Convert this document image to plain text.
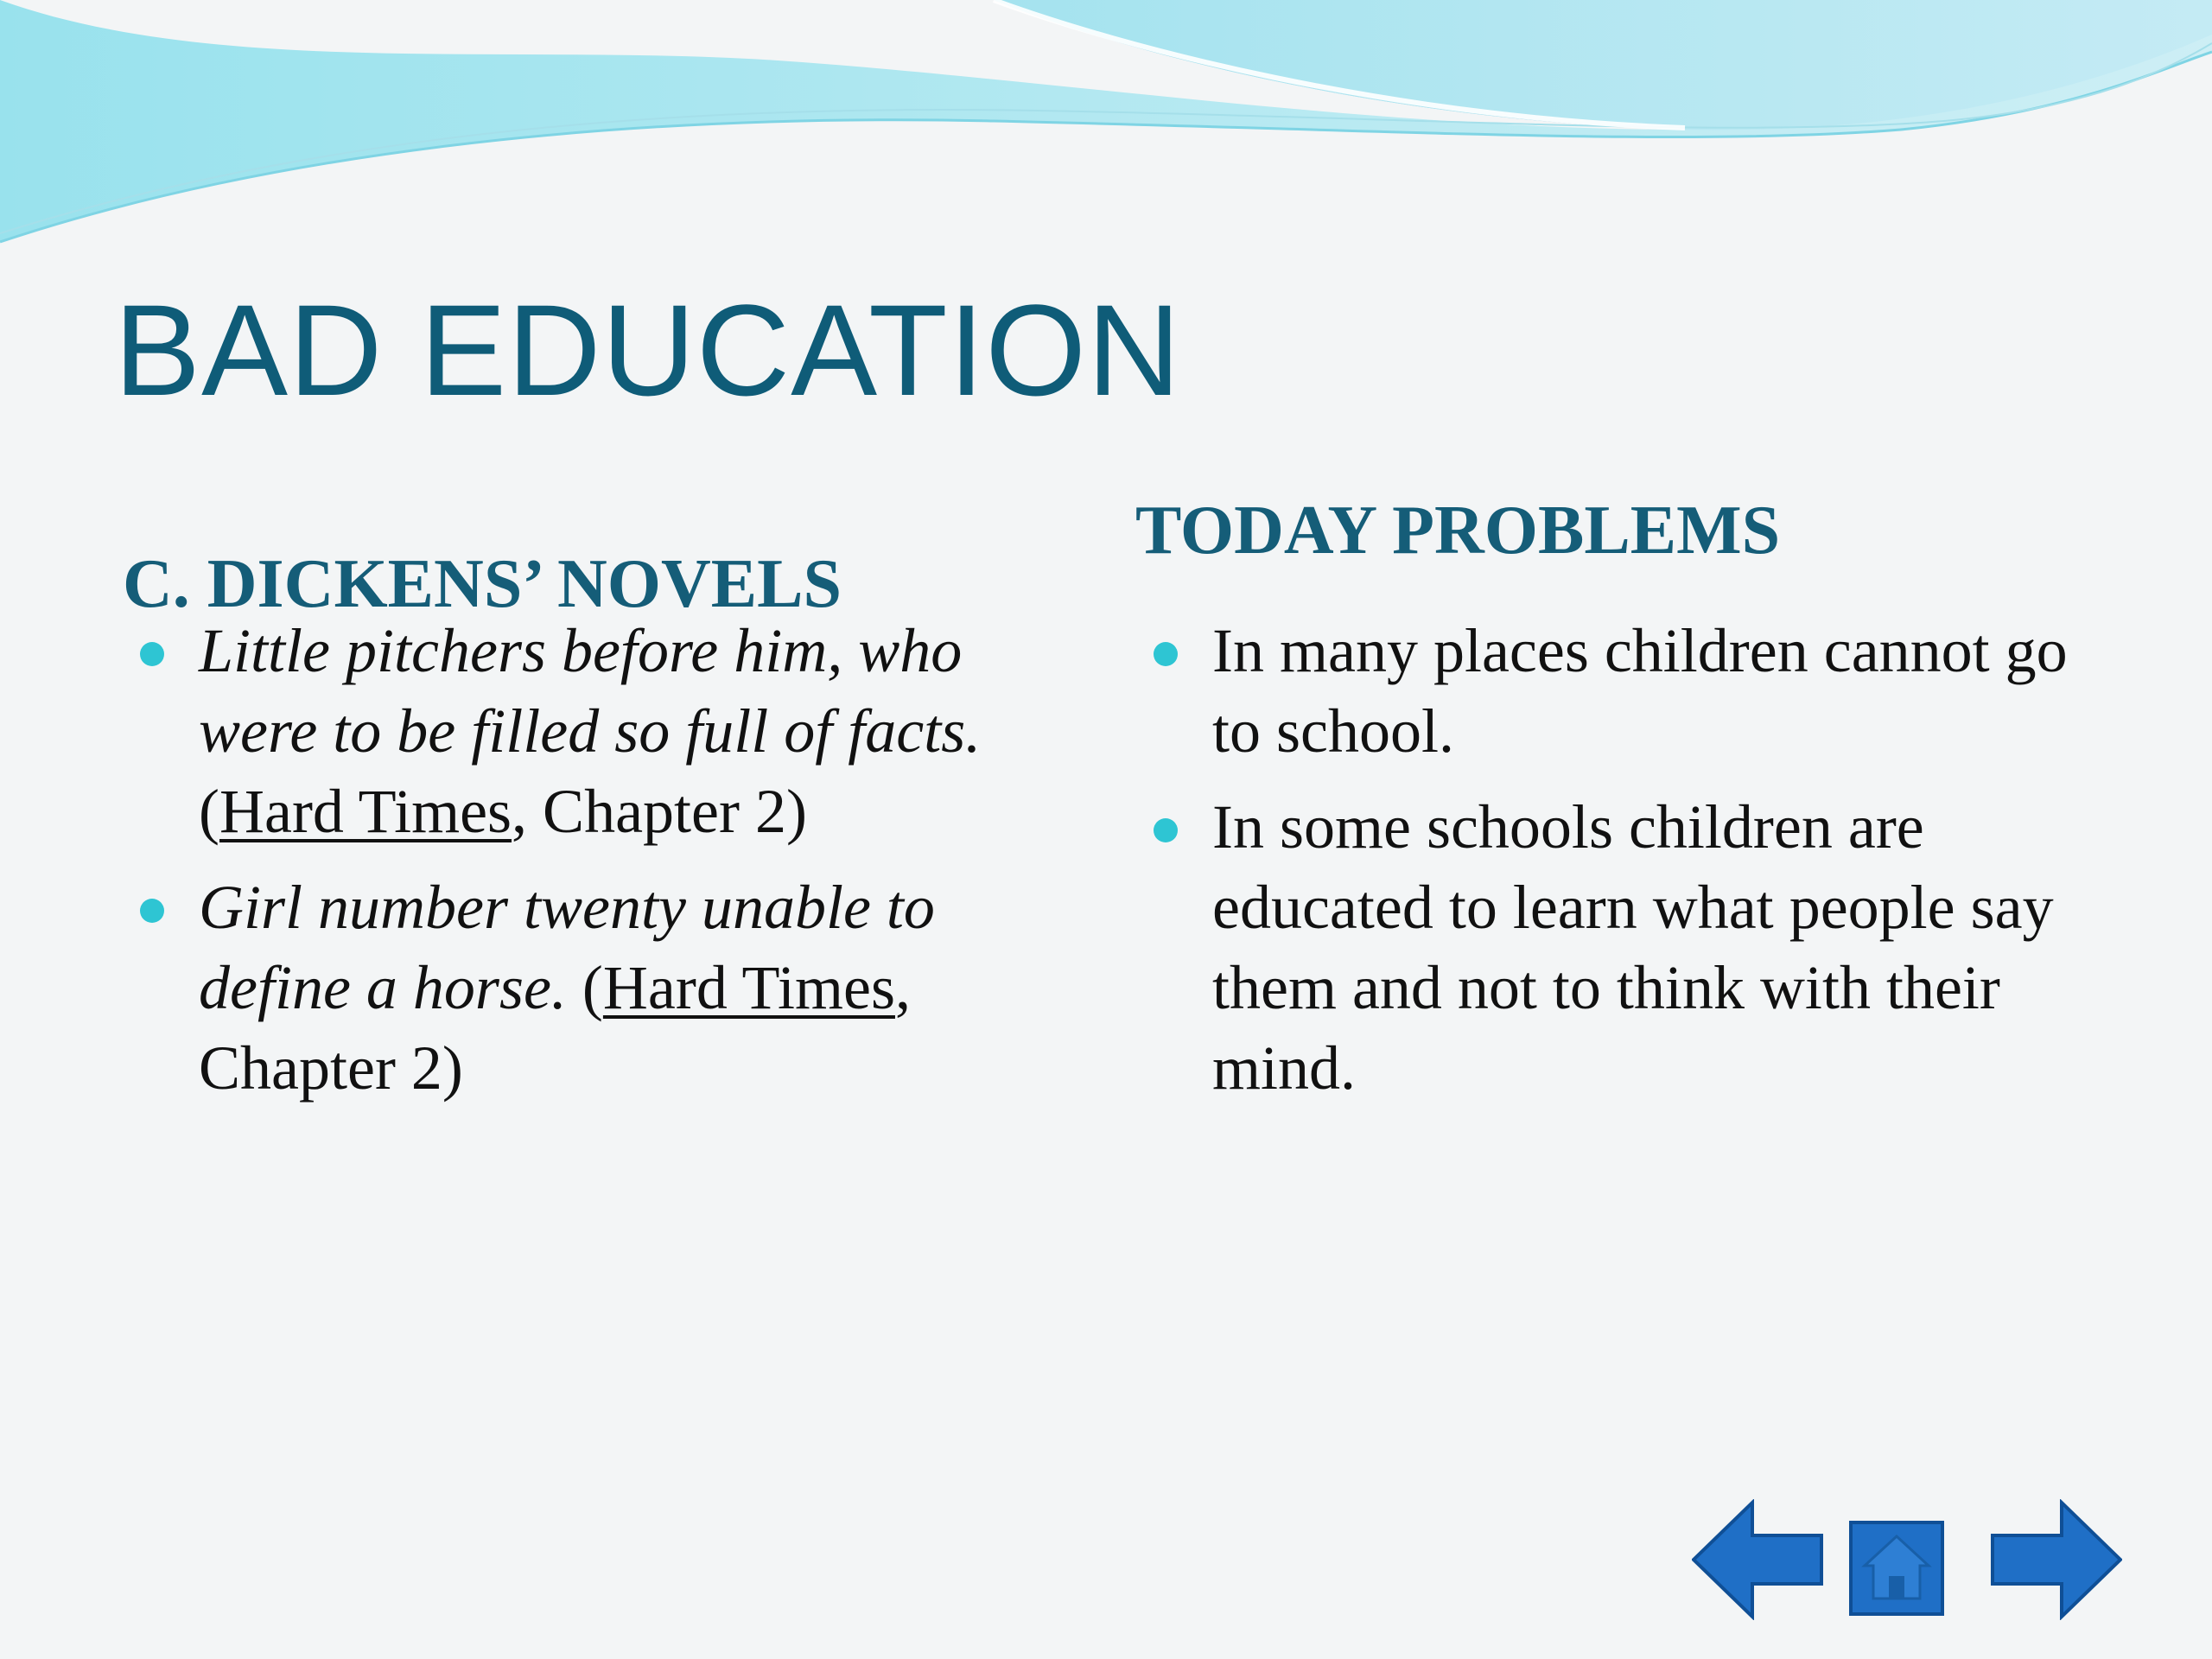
BAD EDUCATION
C. DICKENS’ NOVELS
TODAY PROBLEMS
Little pitchers before him, who were to be filled so full of facts. (Hard Times, Chapter 2)
Girl number twenty unable to define a horse. (Hard Times, Chapter 2)
In many places children cannot go to school.
In some schools children are educated to learn what people say them and not to think with their mind.
